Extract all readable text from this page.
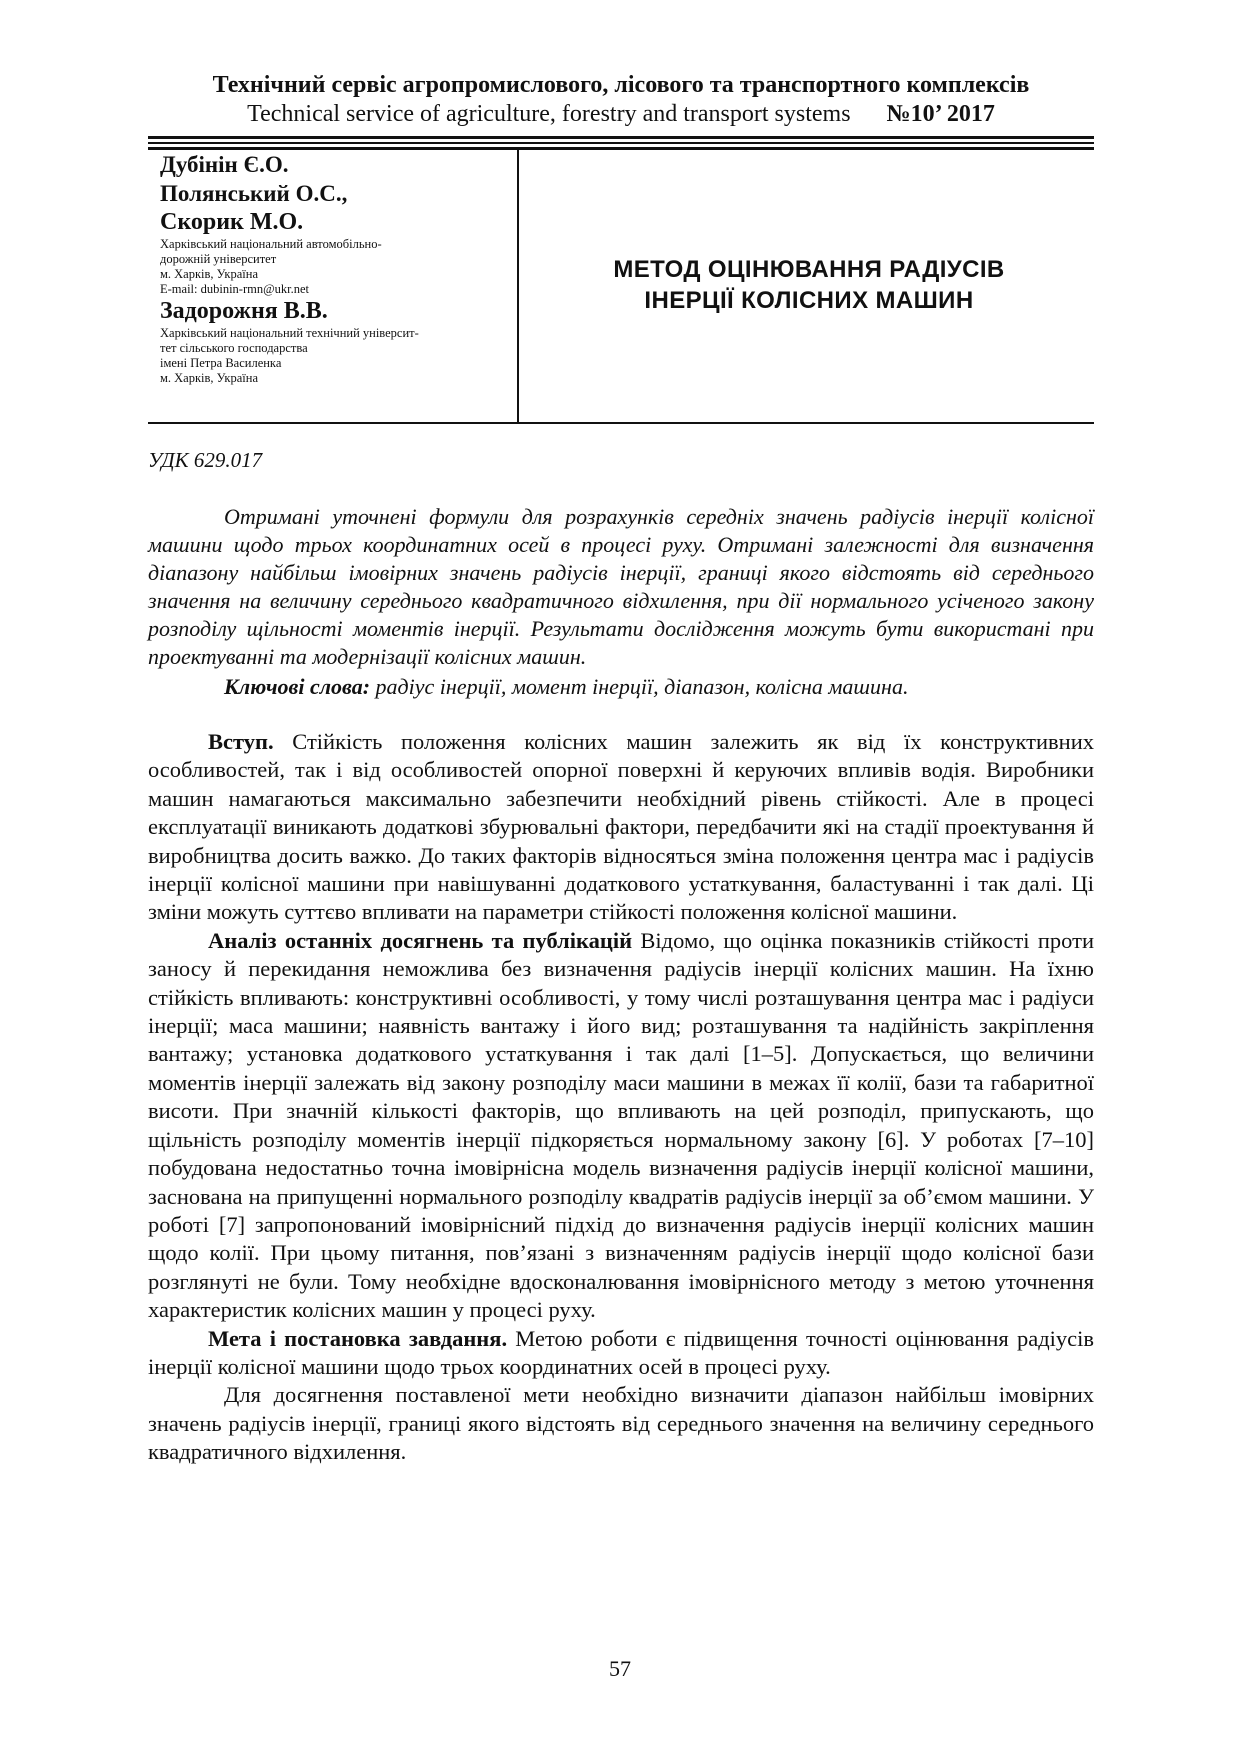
Технічний сервіс агропромислового, лісового та транспортного комплексів
Technical service of agriculture, forestry and transport systems №10’ 2017
Дубінін Є.О.
Полянський О.С.,
Скорик М.О.
Харківський національний автомобільно-
дорожній університет
м. Харків, Україна
E-mail: dubinin-rmn@ukr.net
Задорожня В.В.
Харківський національний технічний університ-
тет сільського господарства
імені Петра Василенка
м. Харків, Україна
МЕТОД ОЦІНЮВАННЯ РАДІУСІВ
ІНЕРЦІЇ КОЛІСНИХ МАШИН
УДК 629.017
Отримані уточнені формули для розрахунків середніх значень радіусів інерції колісної машини щодо трьох координатних осей в процесі руху. Отримані залежності для визначення діапазону найбільш імовірних значень радіусів інерції, границі якого відстоять від середнього значення на величину середнього квадратичного відхилення, при дії нормального усіченого закону розподілу щільності моментів інерції. Результати дослідження можуть бути використані при проектуванні та модернізації колісних машин.
Ключові слова: радіус інерції, момент інерції, діапазон, колісна машина.

Вступ. Стійкість положення колісних машин залежить як від їх конструктивних особливостей, так і від особливостей опорної поверхні й керуючих впливів водія. Виробники машин намагаються максимально забезпечити необхідний рівень стійкості. Але в процесі експлуатації виникають додаткові збурювальні фактори, передбачити які на стадії проектування й виробництва досить важко. До таких факторів відносяться зміна положення центра мас і радіусів інерції колісної машини при навішуванні додаткового устаткування, баластуванні і так далі. Ці зміни можуть суттєво впливати на параметри стійкості положення колісної машини.

Аналіз останніх досягнень та публікацій Відомо, що оцінка показників стійкості проти заносу й перекидання неможлива без визначення радіусів інерції колісних машин. На їхню стійкість впливають: конструктивні особливості, у тому числі розташування центра мас і радіуси інерції; маса машини; наявність вантажу і його вид; розташування та надійність закріплення вантажу; установка додаткового устаткування і так далі [1–5]. Допускається, що величини моментів інерції залежать від закону розподілу маси машини в межах її колії, бази та габаритної висоти. При значній кількості факторів, що впливають на цей розподіл, припускають, що щільність розподілу моментів інерції підкоряється нормальному закону [6]. У роботах [7–10] побудована недостатньо точна імовірнісна модель визначення радіусів інерції колісної машини, заснована на припущенні нормального розподілу квадратів радіусів інерції за об’ємом машини. У роботі [7] запропонований імовірнісний підхід до визначення радіусів інерції колісних машин щодо колії. При цьому питання, пов’язані з визначенням радіусів інерції щодо колісної бази розглянуті не були. Тому необхідне вдосконалювання імовірнісного методу з метою уточнення характеристик колісних машин у процесі руху.

Мета і постановка завдання. Метою роботи є підвищення точності оцінювання радіусів інерції колісної машини щодо трьох координатних осей в процесі руху.

Для досягнення поставленої мети необхідно визначити діапазон найбільш імовірних значень радіусів інерції, границі якого відстоять від середнього значення на величину середнього квадратичного відхилення.

57
